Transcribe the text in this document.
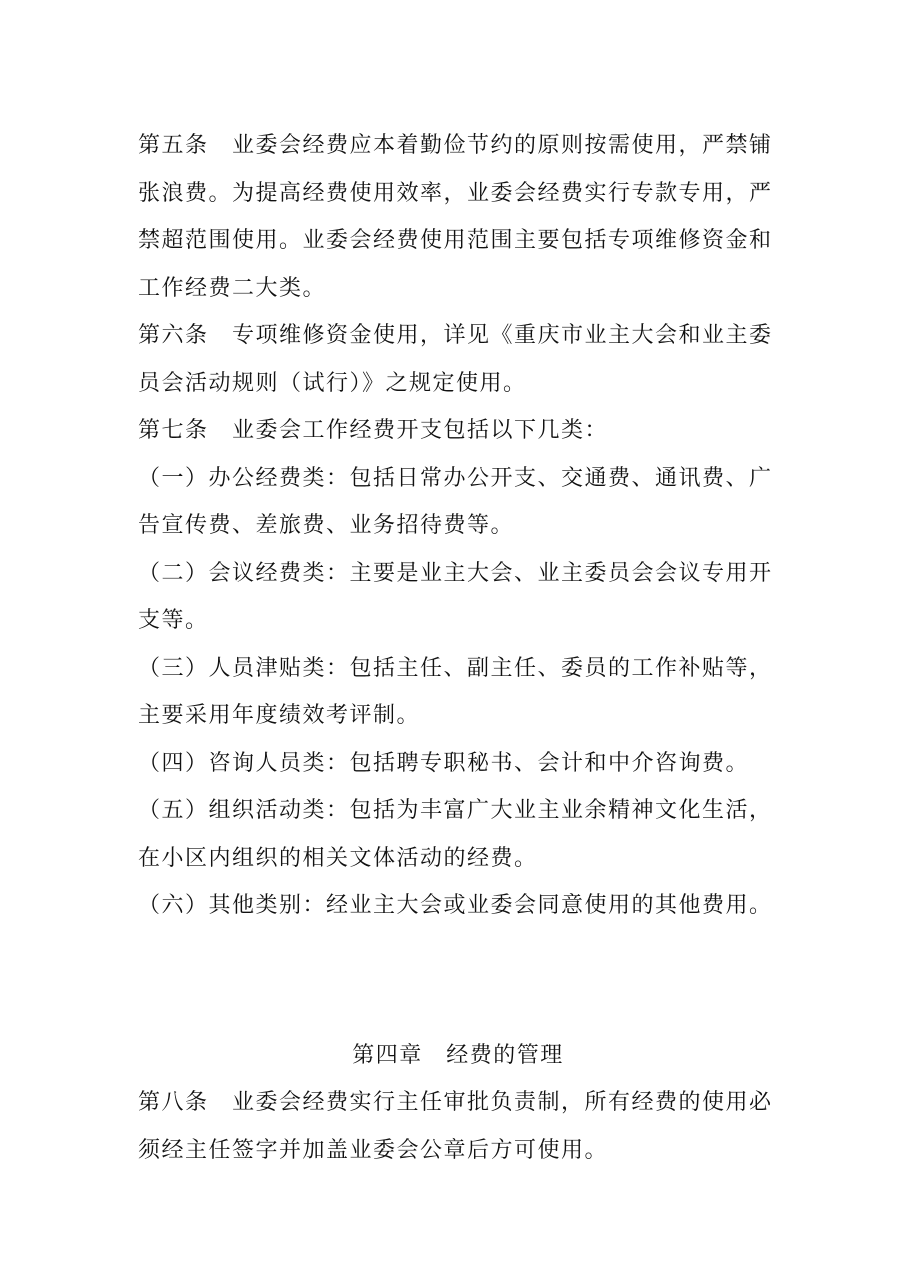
第五条　业委会经费应本着勤俭节约的原则按需使用，严禁铺
张浪费。为提高经费使用效率，业委会经费实行专款专用，严
禁超范围使用。业委会经费使用范围主要包括专项维修资金和
工作经费二大类。
第六条　专项维修资金使用，详见《重庆市业主大会和业主委
员会活动规则（试行）》之规定使用。
第七条　业委会工作经费开支包括以下几类：
（一）办公经费类：包括日常办公开支、交通费、通讯费、广
告宣传费、差旅费、业务招待费等。
（二）会议经费类：主要是业主大会、业主委员会会议专用开
支等。
（三）人员津贴类：包括主任、副主任、委员的工作补贴等，
主要采用年度绩效考评制。
（四）咨询人员类：包括聘专职秘书、会计和中介咨询费。
（五）组织活动类：包括为丰富广大业主业余精神文化生活，
在小区内组织的相关文体活动的经费。
（六）其他类别：经业主大会或业委会同意使用的其他费用。
第四章　经费的管理
第八条　业委会经费实行主任审批负责制，所有经费的使用必
须经主任签字并加盖业委会公章后方可使用。
